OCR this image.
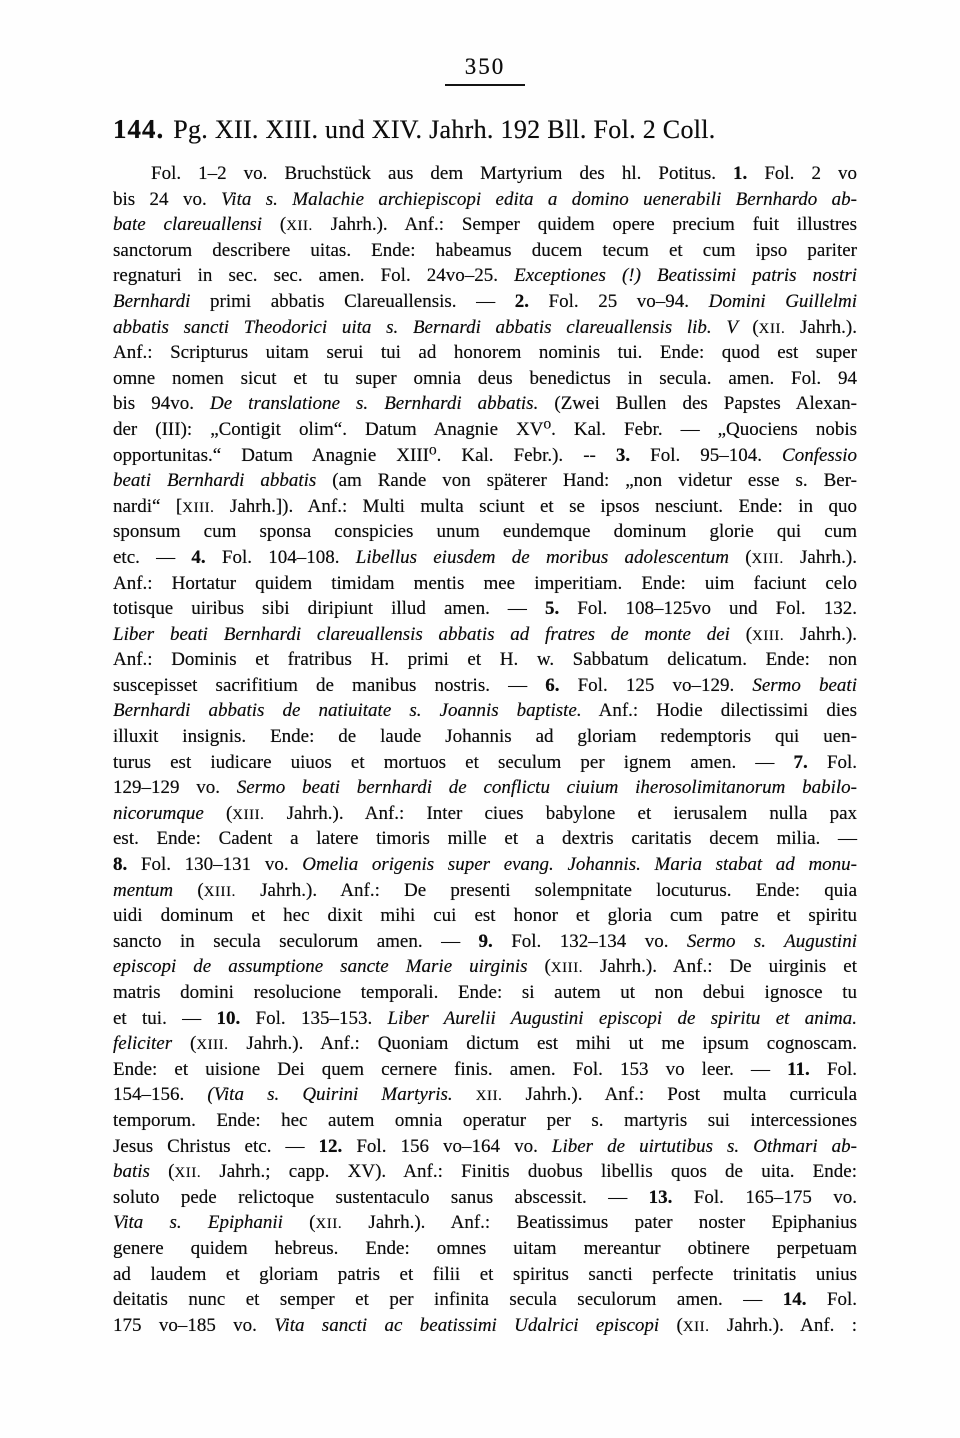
350
144. Pg. XII. XIII. und XIV. Jahrh. 192 Bll. Fol. 2 Coll.
Fol. 1–2 vo. Bruchstück aus dem Martyrium des hl. Potitus. 1. Fol. 2 vo
bis 24 vo. Vita s. Malachie archiepiscopi edita a domino uenerabili Bernhardo ab-
bate clareuallensi (XII. Jahrh.). Anf.: Semper quidem opere precium fuit illustres
sanctorum describere uitas. Ende: habeamus ducem tecum et cum ipso pariter
regnaturi in sec. sec. amen. Fol. 24vo–25. Exceptiones (!) Beatissimi patris nostri
Bernhardi primi abbatis Clareuallensis. — 2. Fol. 25 vo–94. Domini Guillelmi
abbatis sancti Theodorici uita s. Bernardi abbatis clareuallensis lib. V (XII. Jahrh.).
Anf.: Scripturus uitam serui tui ad honorem nominis tui. Ende: quod est super
omne nomen sicut et tu super omnia deus benedictus in secula. amen. Fol. 94
bis 94vo. De translatione s. Bernhardi abbatis. (Zwei Bullen des Papstes Alexan-
der (III): „Contigit olim“. Datum Anagnie XV⁰. Kal. Febr. — „Quociens nobis
opportunitas.“ Datum Anagnie XIII⁰. Kal. Febr.). -- 3. Fol. 95–104. Confessio
beati Bernhardi abbatis (am Rande von späterer Hand: „non videtur esse s. Ber-
nardi“ [XIII. Jahrh.]). Anf.: Multi multa sciunt et se ipsos nesciunt. Ende: in quo
sponsum cum sponsa conspicies unum eundemque dominum glorie qui cum
etc. — 4. Fol. 104–108. Libellus eiusdem de moribus adolescentum (XIII. Jahrh.).
Anf.: Hortatur quidem timidam mentis mee imperitiam. Ende: uim faciunt celo
totisque uiribus sibi diripiunt illud amen. — 5. Fol. 108–125vo und Fol. 132.
Liber beati Bernhardi clareuallensis abbatis ad fratres de monte dei (XIII. Jahrh.).
Anf.: Dominis et fratribus H. primi et H. w. Sabbatum delicatum. Ende: non
suscepisset sacrifitium de manibus nostris. — 6. Fol. 125 vo–129. Sermo beati
Bernhardi abbatis de natiuitate s. Joannis baptiste. Anf.: Hodie dilectissimi dies
illuxit insignis. Ende: de laude Johannis ad gloriam redemptoris qui uen-
turus est iudicare uiuos et mortuos et seculum per ignem amen. — 7. Fol.
129–129 vo. Sermo beati bernhardi de conflictu ciuium iherosolimitanorum babilo-
nicorumque (XIII. Jahrh.). Anf.: Inter ciues babylone et ierusalem nulla pax
est. Ende: Cadent a latere timoris mille et a dextris caritatis decem milia. —
8. Fol. 130–131 vo. Omelia origenis super evang. Johannis. Maria stabat ad monu-
mentum (XIII. Jahrh.). Anf.: De presenti solempnitate locuturus. Ende: quia
uidi dominum et hec dixit mihi cui est honor et gloria cum patre et spiritu
sancto in secula seculorum amen. — 9. Fol. 132–134 vo. Sermo s. Augustini
episcopi de assumptione sancte Marie uirginis (XIII. Jahrh.). Anf.: De uirginis et
matris domini resolucione temporali. Ende: si autem ut non debui ignosce tu
et tui. — 10. Fol. 135–153. Liber Aurelii Augustini episcopi de spiritu et anima.
feliciter (XIII. Jahrh.). Anf.: Quoniam dictum est mihi ut me ipsum cognoscam.
Ende: et uisione Dei quem cernere finis. amen. Fol. 153 vo leer. — 11. Fol.
154–156. (Vita s. Quirini Martyris. XII. Jahrh.). Anf.: Post multa curricula
temporum. Ende: hec autem omnia operatur per s. martyris sui intercessiones
Jesus Christus etc. — 12. Fol. 156 vo–164 vo. Liber de uirtutibus s. Othmari ab-
batis (XII. Jahrh.; capp. XV). Anf.: Finitis duobus libellis quos de uita. Ende:
soluto pede relictoque sustentaculo sanus abscessit. — 13. Fol. 165–175 vo.
Vita s. Epiphanii (XII. Jahrh.). Anf.: Beatissimus pater noster Epiphanius
genere quidem hebreus. Ende: omnes uitam mereantur obtinere perpetuam
ad laudem et gloriam patris et filii et spiritus sancti perfecte trinitatis unius
deitatis nunc et semper et per infinita secula seculorum amen. — 14. Fol.
175 vo–185 vo. Vita sancti ac beatissimi Udalrici episcopi (XII. Jahrh.). Anf. :
